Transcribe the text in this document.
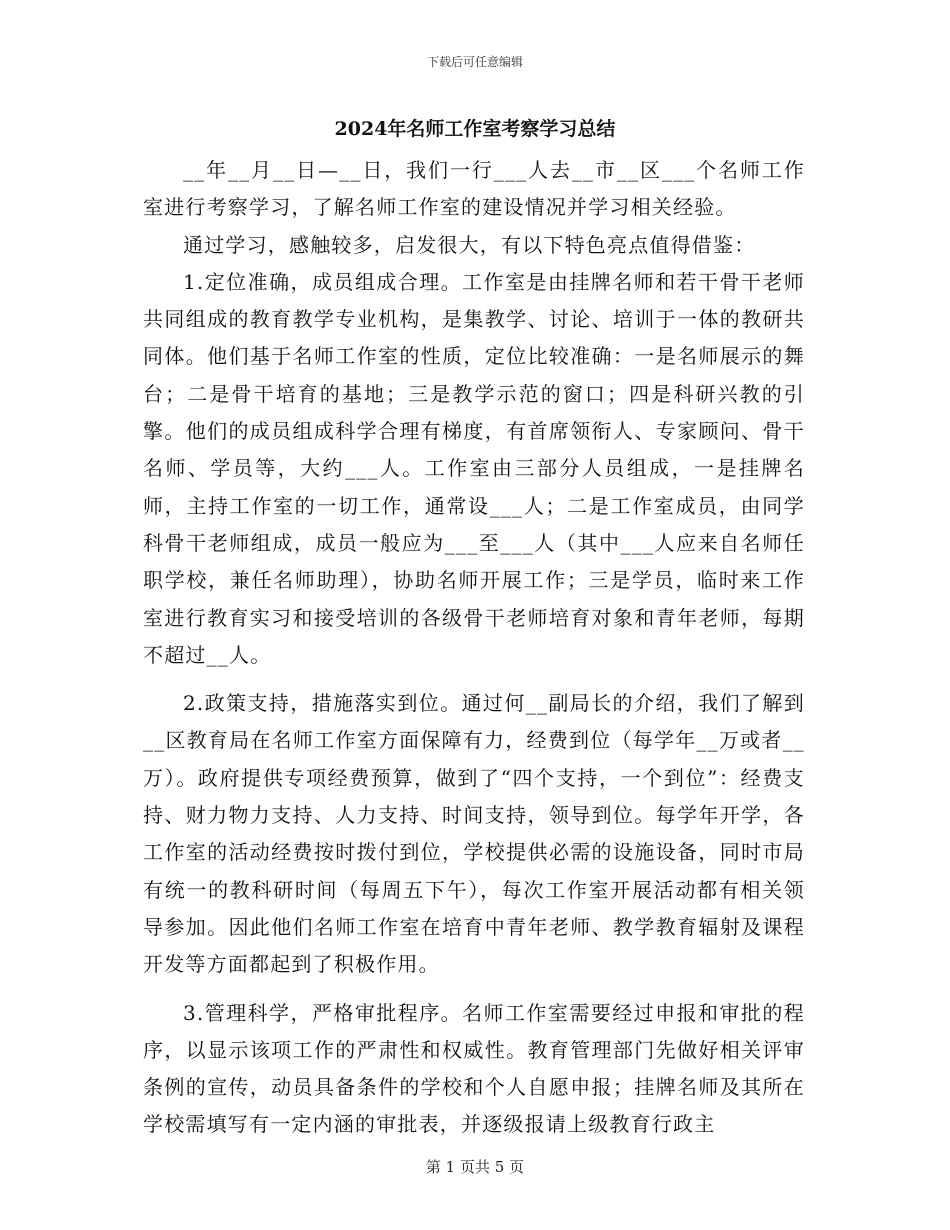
下载后可任意编辑
2024年名师工作室考察学习总结

__年__月__日—__日，我们一行___人去__市__区___个名师工作室进行考察学习，了解名师工作室的建设情况并学习相关经验。

通过学习，感触较多，启发很大，有以下特色亮点值得借鉴：

1.定位准确，成员组成合理。工作室是由挂牌名师和若干骨干老师共同组成的教育教学专业机构，是集教学、讨论、培训于一体的教研共同体。他们基于名师工作室的性质，定位比较准确：一是名师展示的舞台；二是骨干培育的基地；三是教学示范的窗口；四是科研兴教的引擎。他们的成员组成科学合理有梯度，有首席领衔人、专家顾问、骨干名师、学员等，大约___人。工作室由三部分人员组成，一是挂牌名师，主持工作室的一切工作，通常设___人；二是工作室成员，由同学科骨干老师组成，成员一般应为___至___人（其中___人应来自名师任职学校，兼任名师助理），协助名师开展工作；三是学员，临时来工作室进行教育实习和接受培训的各级骨干老师培育对象和青年老师，每期不超过__人。

2.政策支持，措施落实到位。通过何__副局长的介绍，我们了解到__区教育局在名师工作室方面保障有力，经费到位（每学年__万或者__万）。政府提供专项经费预算，做到了“四个支持，一个到位”：经费支持、财力物力支持、人力支持、时间支持，领导到位。每学年开学，各工作室的活动经费按时拨付到位，学校提供必需的设施设备，同时市局有统一的教科研时间（每周五下午），每次工作室开展活动都有相关领导参加。因此他们名师工作室在培育中青年老师、教学教育辐射及课程开发等方面都起到了积极作用。

3.管理科学，严格审批程序。名师工作室需要经过申报和审批的程序，以显示该项工作的严肃性和权威性。教育管理部门先做好相关评审条例的宣传，动员具备条件的学校和个人自愿申报；挂牌名师及其所在学校需填写有一定内涵的审批表，并逐级报请上级教育行政主

第 1 页共 5 页
